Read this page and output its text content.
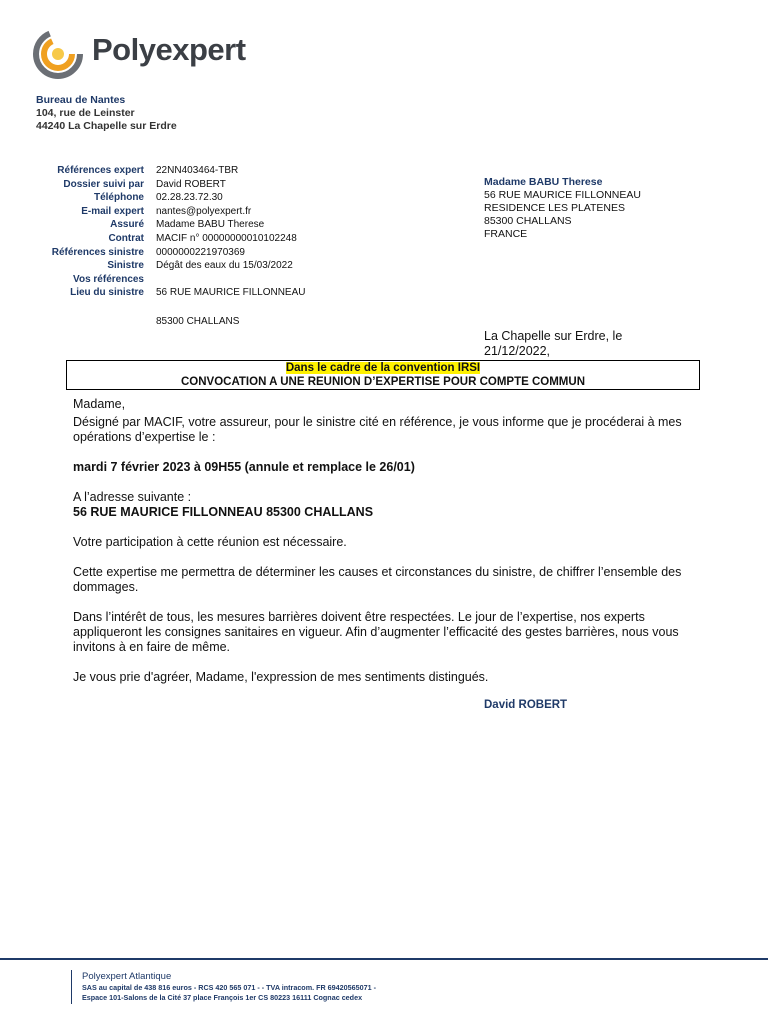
Polyexpert
Bureau de Nantes
104, rue de Leinster
44240 La Chapelle sur Erdre
Références expert	22NN403464-TBR
Dossier suivi par	David ROBERT
Téléphone	02.28.23.72.30
E-mail expert	nantes@polyexpert.fr
Assuré	Madame BABU Therese
Contrat	MACIF n° 00000000010102248
Références sinistre	0000000221970369
Sinistre	Dégât des eaux du 15/03/2022
Vos références
Lieu du sinistre	56 RUE MAURICE FILLONNEAU
85300 CHALLANS
Madame BABU Therese
56 RUE MAURICE FILLONNEAU
RESIDENCE LES PLATENES
85300 CHALLANS
FRANCE
La Chapelle sur Erdre, le 21/12/2022,
Dans le cadre de la convention IRSI
CONVOCATION A UNE REUNION D’EXPERTISE POUR COMPTE COMMUN

Madame,

Désigné par MACIF, votre assureur, pour le sinistre cité en référence, je vous informe que je procéderai à mes opérations d’expertise le :

mardi 7 février 2023 à 09H55 (annule et remplace le 26/01)

A l’adresse suivante :

56 RUE MAURICE FILLONNEAU 85300 CHALLANS

Votre participation à cette réunion est nécessaire.

Cette expertise me permettra de déterminer les causes et circonstances du sinistre, de chiffrer l’ensemble des dommages.

Dans l’intérêt de tous, les mesures barrières doivent être respectées. Le jour de l’expertise, nos experts appliqueront les consignes sanitaires en vigueur. Afin d’augmenter l’efficacité des gestes barrières, nous vous invitons à en faire de même.

Je vous prie d'agréer, Madame, l'expression de mes sentiments distingués.

David ROBERT
Polyexpert Atlantique
SAS au capital de 438 816 euros - RCS 420 565 071 - - TVA intracom. FR 69420565071 -
Espace 101-Salons de la Cité 37 place François 1er CS 80223 16111 Cognac cedex
